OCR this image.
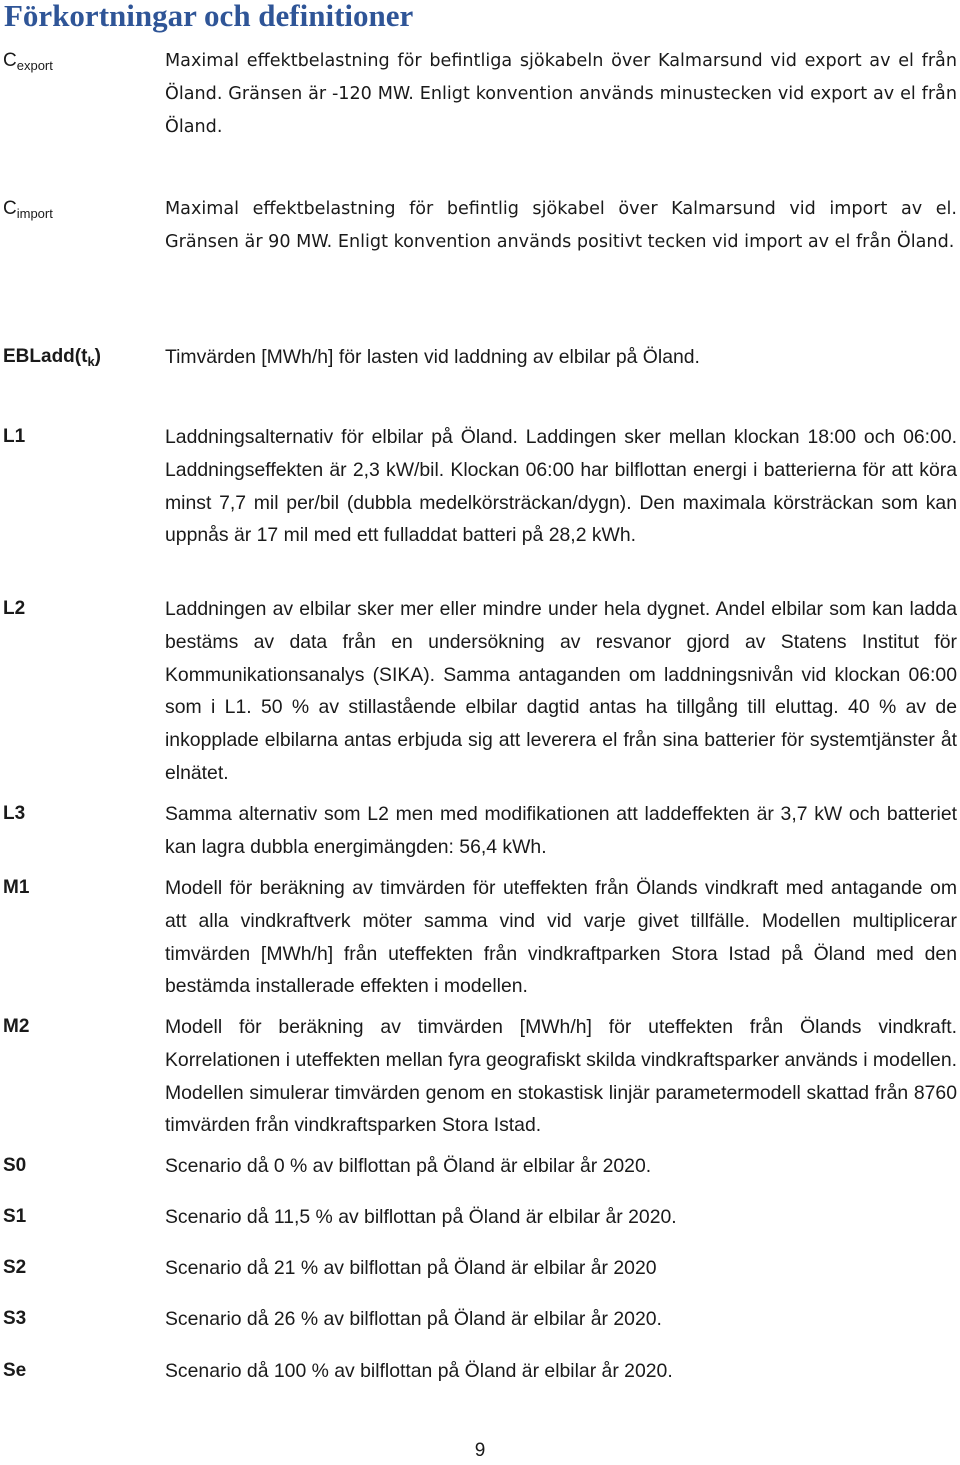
Förkortningar och definitioner
$C_{export}$	Maximal effektbelastning för befintliga sjökabeln över Kalmarsund vid export av el från Öland. Gränsen är -120 MW. Enligt konvention används minustecken vid export av el från Öland.

$C_{import}$	Maximal effektbelastning för befintlig sjökabel över Kalmarsund vid import av el. Gränsen är 90 MW. Enligt konvention används positivt tecken vid import av el från Öland.

$EBLadd(t_k)$	Timvärden [MWh/h] för lasten vid laddning av elbilar på Öland.

L1	Laddningsalternativ för elbilar på Öland. Laddingen sker mellan klockan 18:00 och 06:00. Laddningseffekten är 2,3 kW/bil. Klockan 06:00 har bilflottan energi i batterierna för att köra minst 7,7 mil per/bil (dubbla medelkörsträckan/dygn). Den maximala körsträckan som kan uppnås är 17 mil med ett fulladdat batteri på 28,2 kWh.

L2	Laddningen av elbilar sker mer eller mindre under hela dygnet. Andel elbilar som kan ladda bestäms av data från en undersökning av resvanor gjord av Statens Institut för Kommunikationsanalys (SIKA). Samma antaganden om laddningsnivån vid klockan 06:00 som i L1. 50 % av stillastående elbilar dagtid antas ha tillgång till eluttag. 40 % av de inkopplade elbilarna antas erbjuda sig att leverera el från sina batterier för systemtjänster åt elnätet.

L3	Samma alternativ som L2 men med modifikationen att laddeffekten är 3,7 kW och batteriet kan lagra dubbla energimängden: 56,4 kWh.

M1	Modell för beräkning av timvärden för uteffekten från Ölands vindkraft med antagande om att alla vindkraftverk möter samma vind vid varje givet tillfälle. Modellen multiplicerar timvärden [MWh/h] från uteffekten från vindkraftparken Stora Istad på Öland med den bestämda installerade effekten i modellen.

M2	Modell för beräkning av timvärden [MWh/h] för uteffekten från Ölands vindkraft. Korrelationen i uteffekten mellan fyra geografiskt skilda vindkraftsparker används i modellen. Modellen simulerar timvärden genom en stokastisk linjär parametermodell skattad från 8760 timvärden från vindkraftsparken Stora Istad.

S0	Scenario då 0 % av bilflottan på Öland är elbilar år 2020.

S1	Scenario då 11,5 % av bilflottan på Öland är elbilar år 2020.

S2	Scenario då 21 % av bilflottan på Öland är elbilar år 2020

S3	Scenario då 26 % av bilflottan på Öland är elbilar år 2020.

Se	Scenario då 100 % av bilflottan på Öland är elbilar år 2020.

9
